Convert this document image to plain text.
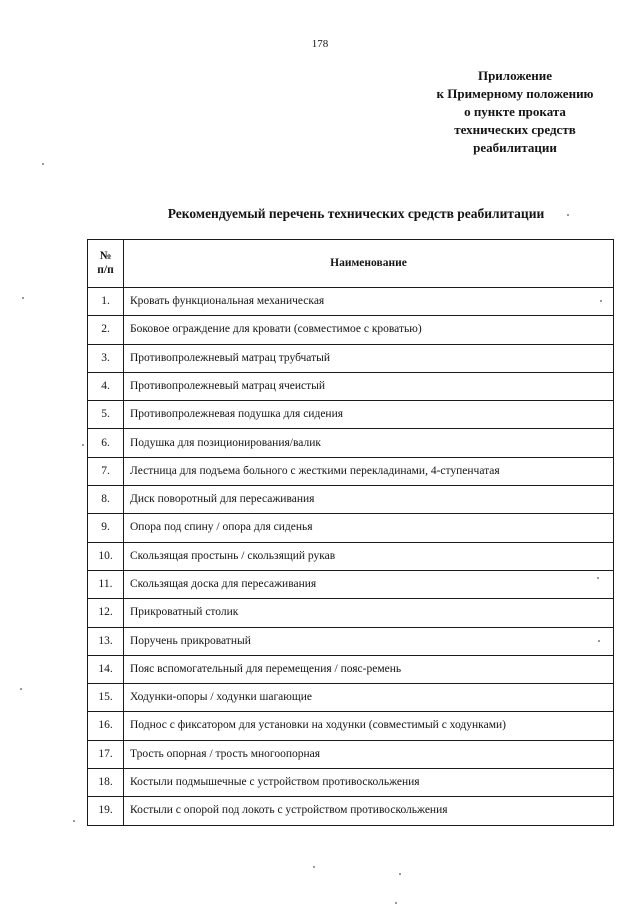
178
Приложение
к Примерному положению
о пункте проката
технических средств
реабилитации
Рекомендуемый перечень технических средств реабилитации
№
п/п	Наименование
1.	Кровать функциональная механическая
2.	Боковое ограждение для кровати (совместимое с кроватью)
3.	Противопролежневый матрац трубчатый
4.	Противопролежневый матрац ячеистый
5.	Противопролежневая подушка для сидения
6.	Подушка для позиционирования/валик
7.	Лестница для подъема больного с жесткими перекладинами, 4-ступенчатая
8.	Диск поворотный для пересаживания
9.	Опора под спину / опора для сиденья
10.	Скользящая простынь / скользящий рукав
11.	Скользящая доска для пересаживания
12.	Прикроватный столик
13.	Поручень прикроватный
14.	Пояс вспомогательный для перемещения / пояс-ремень
15.	Ходунки-опоры / ходунки шагающие
16.	Поднос с фиксатором для установки на ходунки (совместимый с ходунками)
17.	Трость опорная / трость многоопорная
18.	Костыли подмышечные с устройством противоскольжения
19.	Костыли с опорой под локоть с устройством противоскольжения
